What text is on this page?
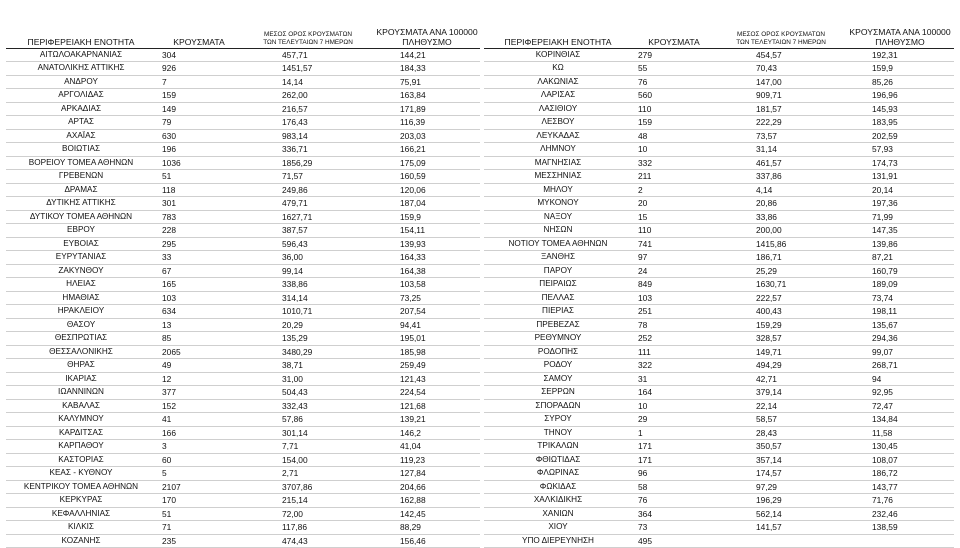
ΠΕΡΙΦΕΡΕΙΑΚΗ ΕΝΟΤΗΤΑ	ΚΡΟΥΣΜΑΤΑ	ΜΕΣΟΣ ΟΡΟΣ ΚΡΟΥΣΜΑΤΩΝ
ΤΩΝ ΤΕΛΕΥΤΑΙΩΝ 7 ΗΜΕΡΩΝ	ΚΡΟΥΣΜΑΤΑ ΑΝΑ 100000
ΠΛΗΘΥΣΜΟ
ΑΙΤΩΛΟΑΚΑΡΝΑΝΙΑΣ	304	457,71	144,21
ΑΝΑΤΟΛΙΚΗΣ ΑΤΤΙΚΗΣ	926	1451,57	184,33
ΑΝΔΡΟΥ	7	14,14	75,91
ΑΡΓΟΛΙΔΑΣ	159	262,00	163,84
ΑΡΚΑΔΙΑΣ	149	216,57	171,89
ΑΡΤΑΣ	79	176,43	116,39
ΑΧΑΪΑΣ	630	983,14	203,03
ΒΟΙΩΤΙΑΣ	196	336,71	166,21
ΒΟΡΕΙΟΥ ΤΟΜΕΑ ΑΘΗΝΩΝ	1036	1856,29	175,09
ΓΡΕΒΕΝΩΝ	51	71,57	160,59
ΔΡΑΜΑΣ	118	249,86	120,06
ΔΥΤΙΚΗΣ ΑΤΤΙΚΗΣ	301	479,71	187,04
ΔΥΤΙΚΟΥ ΤΟΜΕΑ ΑΘΗΝΩΝ	783	1627,71	159,9
ΕΒΡΟΥ	228	387,57	154,11
ΕΥΒΟΙΑΣ	295	596,43	139,93
ΕΥΡΥΤΑΝΙΑΣ	33	36,00	164,33
ΖΑΚΥΝΘΟΥ	67	99,14	164,38
ΗΛΕΙΑΣ	165	338,86	103,58
ΗΜΑΘΙΑΣ	103	314,14	73,25
ΗΡΑΚΛΕΙΟΥ	634	1010,71	207,54
ΘΑΣΟΥ	13	20,29	94,41
ΘΕΣΠΡΩΤΙΑΣ	85	135,29	195,01
ΘΕΣΣΑΛΟΝΙΚΗΣ	2065	3480,29	185,98
ΘΗΡΑΣ	49	38,71	259,49
ΙΚΑΡΙΑΣ	12	31,00	121,43
ΙΩΑΝΝΙΝΩΝ	377	504,43	224,54
ΚΑΒΑΛΑΣ	152	332,43	121,68
ΚΑΛΥΜΝΟΥ	41	57,86	139,21
ΚΑΡΔΙΤΣΑΣ	166	301,14	146,2
ΚΑΡΠΑΘΟΥ	3	7,71	41,04
ΚΑΣΤΟΡΙΑΣ	60	154,00	119,23
ΚΕΑΣ - ΚΥΘΝΟΥ	5	2,71	127,84
ΚΕΝΤΡΙΚΟΥ ΤΟΜΕΑ ΑΘΗΝΩΝ	2107	3707,86	204,66
ΚΕΡΚΥΡΑΣ	170	215,14	162,88
ΚΕΦΑΛΛΗΝΙΑΣ	51	72,00	142,45
ΚΙΛΚΙΣ	71	117,86	88,29
ΚΟΖΑΝΗΣ	235	474,43	156,46
ΠΕΡΙΦΕΡΕΙΑΚΗ ΕΝΟΤΗΤΑ	ΚΡΟΥΣΜΑΤΑ	ΜΕΣΟΣ ΟΡΟΣ ΚΡΟΥΣΜΑΤΩΝ
ΤΩΝ ΤΕΛΕΥΤΑΙΩΝ 7 ΗΜΕΡΩΝ	ΚΡΟΥΣΜΑΤΑ ΑΝΑ 100000
ΠΛΗΘΥΣΜΟ
ΚΟΡΙΝΘΙΑΣ	279	454,57	192,31
ΚΩ	55	70,43	159,9
ΛΑΚΩΝΙΑΣ	76	147,00	85,26
ΛΑΡΙΣΑΣ	560	909,71	196,96
ΛΑΣΙΘΙΟΥ	110	181,57	145,93
ΛΕΣΒΟΥ	159	222,29	183,95
ΛΕΥΚΑΔΑΣ	48	73,57	202,59
ΛΗΜΝΟΥ	10	31,14	57,93
ΜΑΓΝΗΣΙΑΣ	332	461,57	174,73
ΜΕΣΣΗΝΙΑΣ	211	337,86	131,91
ΜΗΛΟΥ	2	4,14	20,14
ΜΥΚΟΝΟΥ	20	20,86	197,36
ΝΑΞΟΥ	15	33,86	71,99
ΝΗΣΩΝ	110	200,00	147,35
ΝΟΤΙΟΥ ΤΟΜΕΑ ΑΘΗΝΩΝ	741	1415,86	139,86
ΞΑΝΘΗΣ	97	186,71	87,21
ΠΑΡΟΥ	24	25,29	160,79
ΠΕΙΡΑΙΩΣ	849	1630,71	189,09
ΠΕΛΛΑΣ	103	222,57	73,74
ΠΙΕΡΙΑΣ	251	400,43	198,11
ΠΡΕΒΕΖΑΣ	78	159,29	135,67
ΡΕΘΥΜΝΟΥ	252	328,57	294,36
ΡΟΔΟΠΗΣ	111	149,71	99,07
ΡΟΔΟΥ	322	494,29	268,71
ΣΑΜΟΥ	31	42,71	94
ΣΕΡΡΩΝ	164	379,14	92,95
ΣΠΟΡΑΔΩΝ	10	22,14	72,47
ΣΥΡΟΥ	29	58,57	134,84
ΤΗΝΟΥ	1	28,43	11,58
ΤΡΙΚΑΛΩΝ	171	350,57	130,45
ΦΘΙΩΤΙΔΑΣ	171	357,14	108,07
ΦΛΩΡΙΝΑΣ	96	174,57	186,72
ΦΩΚΙΔΑΣ	58	97,29	143,77
ΧΑΛΚΙΔΙΚΗΣ	76	196,29	71,76
ΧΑΝΙΩΝ	364	562,14	232,46
ΧΙΟΥ	73	141,57	138,59
ΥΠΟ ΔΙΕΡΕΥΝΗΣΗ	495		
